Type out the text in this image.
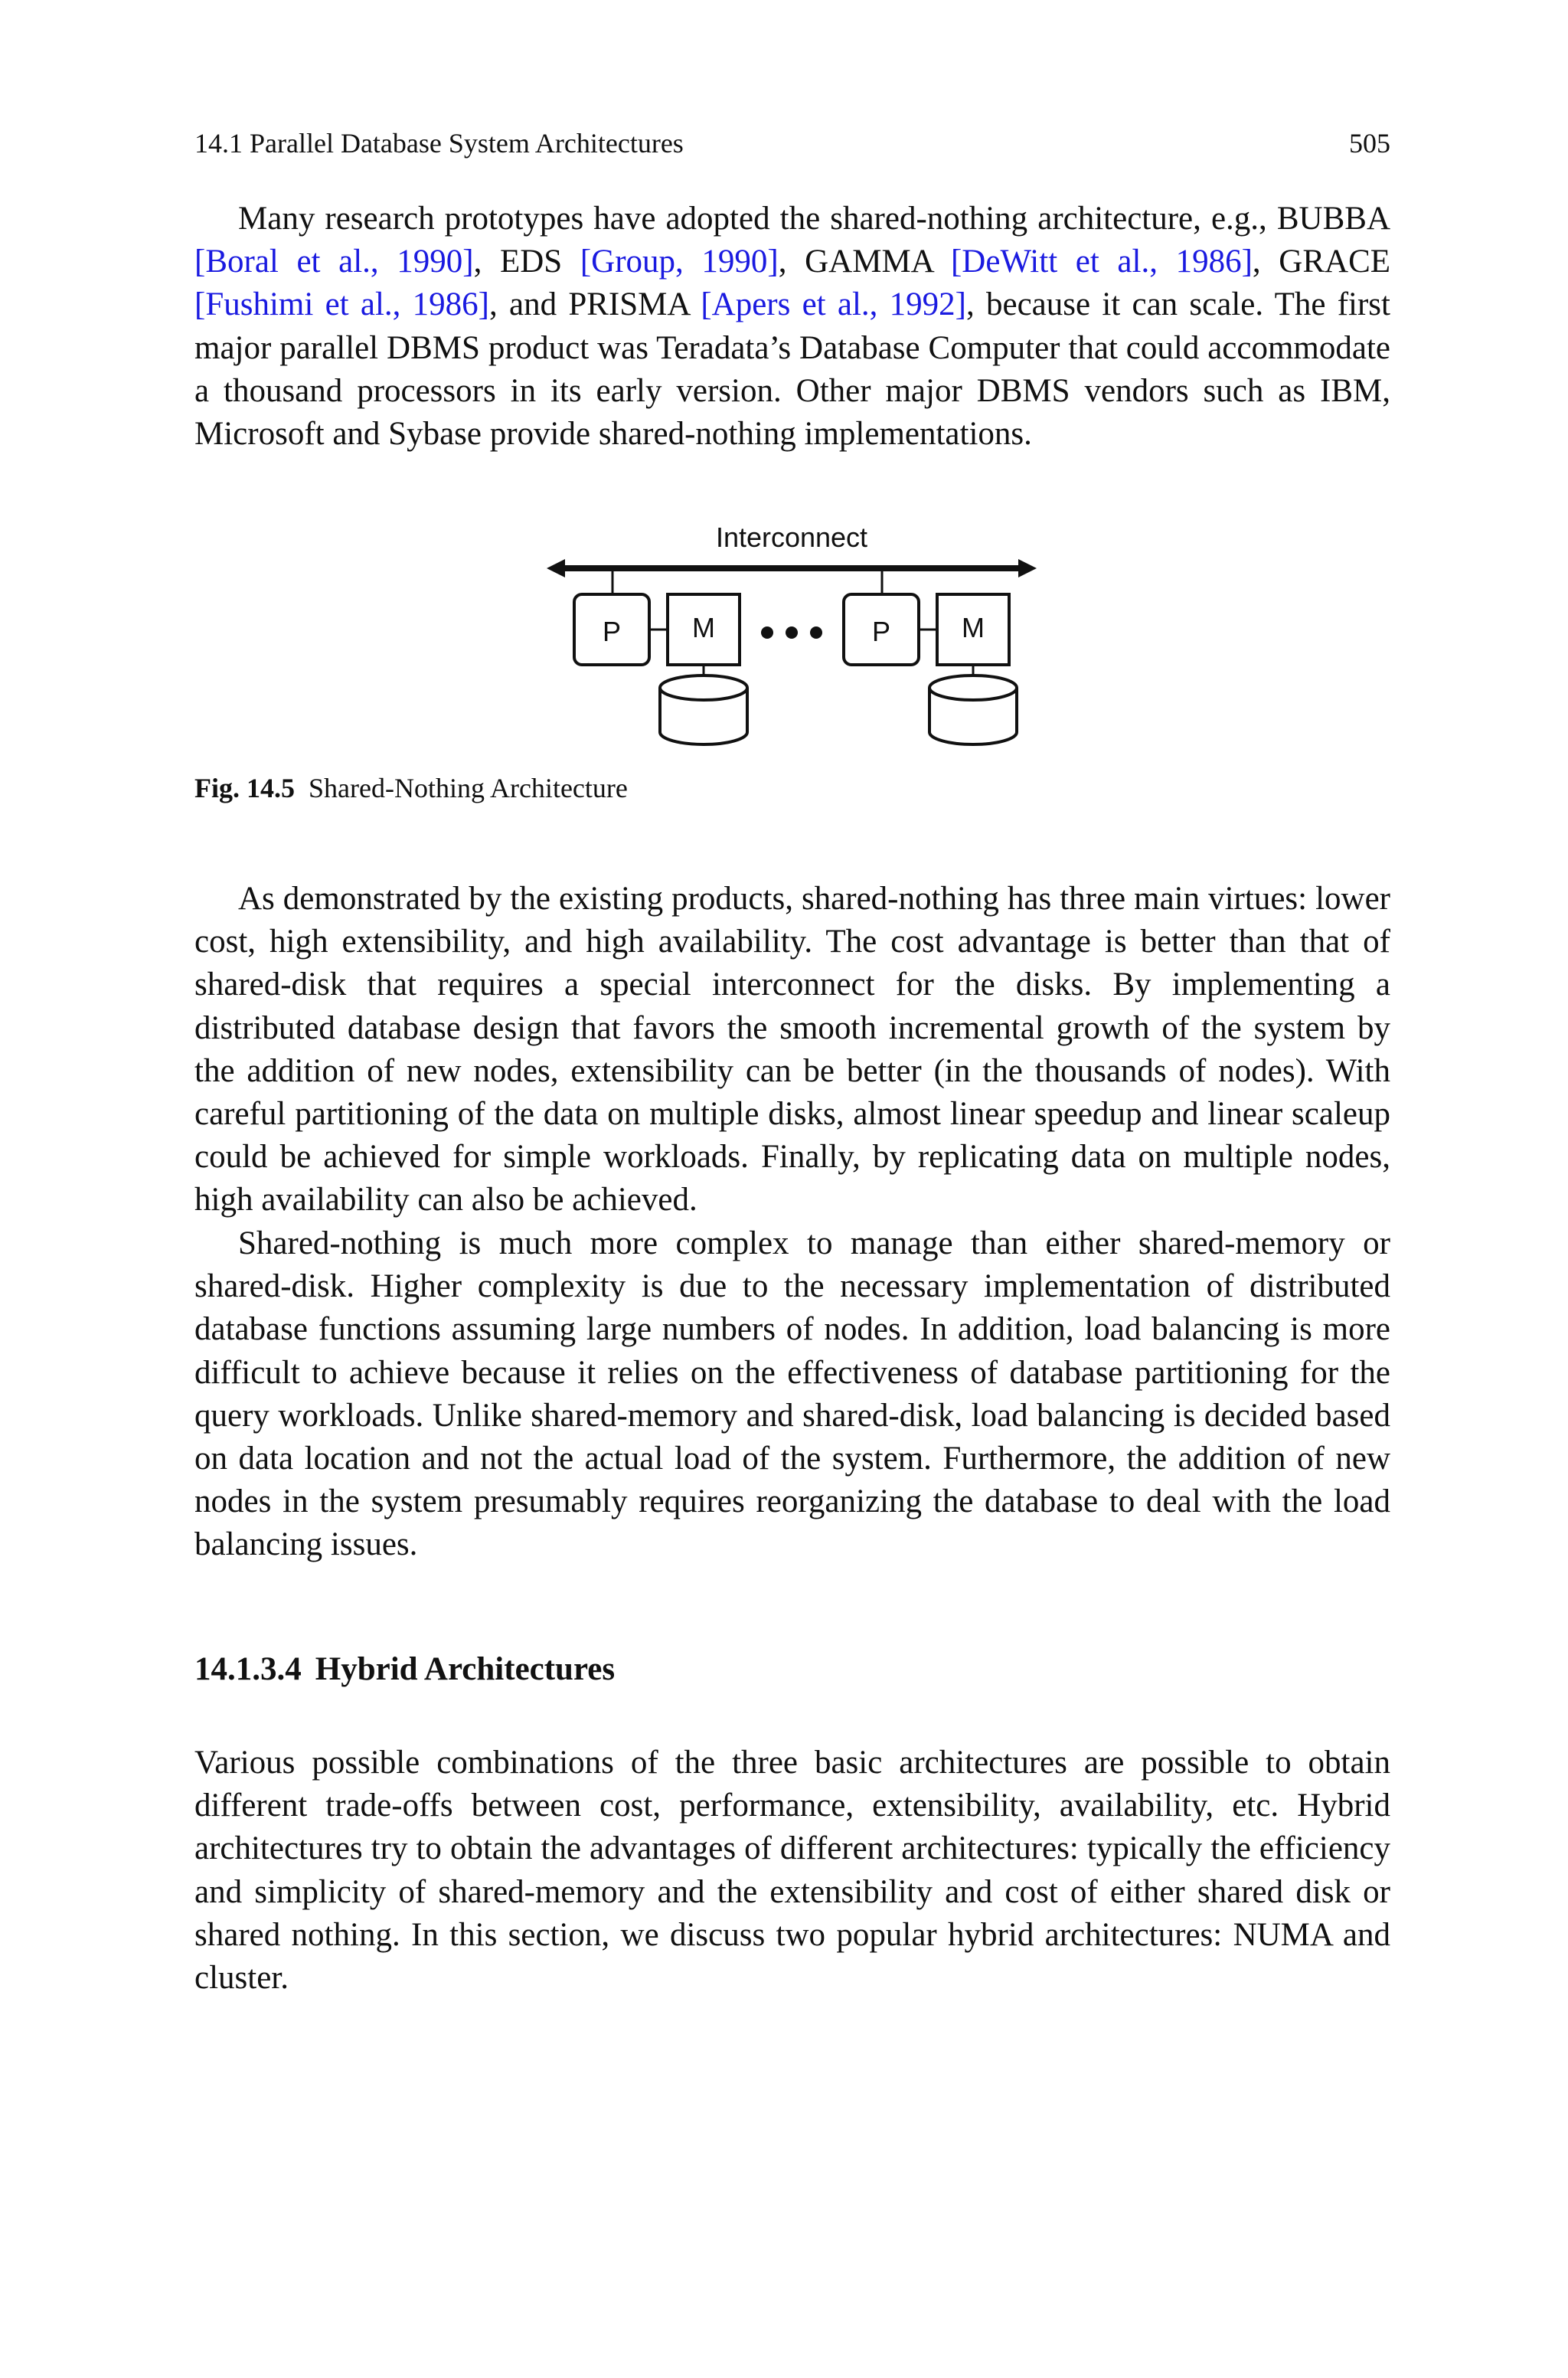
14.1 Parallel Database System Architectures	505

Many research prototypes have adopted the shared-nothing architecture, e.g., BUBBA [Boral et al., 1990], EDS [Group, 1990], GAMMA [DeWitt et al., 1986], GRACE [Fushimi et al., 1986], and PRISMA [Apers et al., 1992], because it can scale. The first major parallel DBMS product was Teradata’s Database Computer that could accommodate a thousand processors in its early version. Other major DBMS vendors such as IBM, Microsoft and Sybase provide shared-nothing implementations.

Interconnect
P	M	P	M
Fig. 14.5 Shared-Nothing Architecture

As demonstrated by the existing products, shared-nothing has three main virtues: lower cost, high extensibility, and high availability. The cost advantage is better than that of shared-disk that requires a special interconnect for the disks. By implementing a distributed database design that favors the smooth incremental growth of the system by the addition of new nodes, extensibility can be better (in the thousands of nodes). With careful partitioning of the data on multiple disks, almost linear speedup and linear scaleup could be achieved for simple workloads. Finally, by replicating data on multiple nodes, high availability can also be achieved.

Shared-nothing is much more complex to manage than either shared-memory or shared-disk. Higher complexity is due to the necessary implementation of distributed database functions assuming large numbers of nodes. In addition, load balancing is more difficult to achieve because it relies on the effectiveness of database partitioning for the query workloads. Unlike shared-memory and shared-disk, load balancing is decided based on data location and not the actual load of the system. Furthermore, the addition of new nodes in the system presumably requires reorganizing the database to deal with the load balancing issues.

14.1.3.4 Hybrid Architectures

Various possible combinations of the three basic architectures are possible to obtain different trade-offs between cost, performance, extensibility, availability, etc. Hybrid architectures try to obtain the advantages of different architectures: typically the efficiency and simplicity of shared-memory and the extensibility and cost of either shared disk or shared nothing. In this section, we discuss two popular hybrid architectures: NUMA and cluster.
